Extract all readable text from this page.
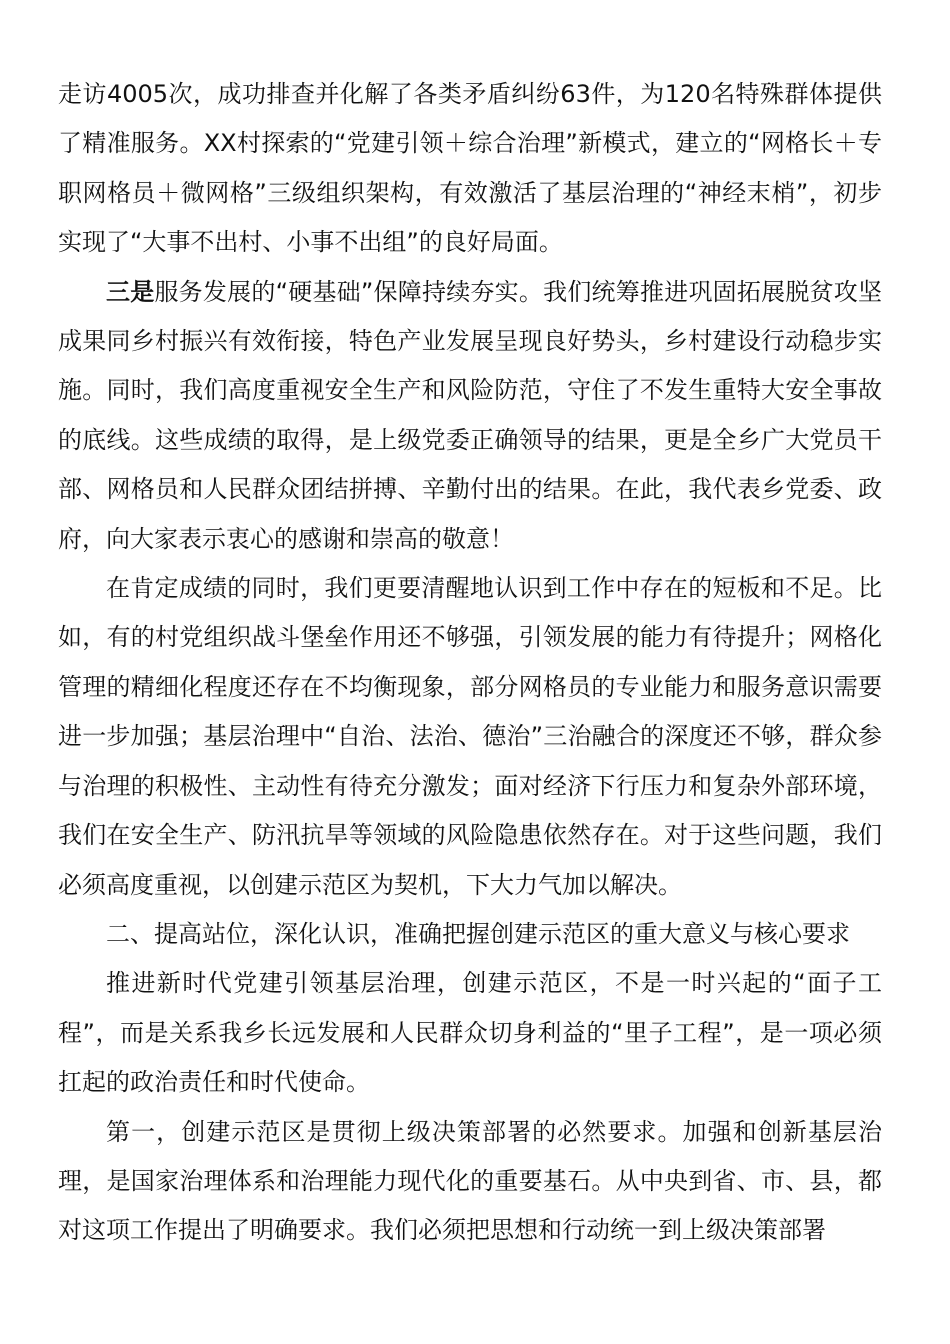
走访4005次，成功排查并化解了各类矛盾纠纷63件，为120名特殊群体提供了精准服务。XX村探索的“党建引领＋综合治理”新模式，建立的“网格长＋专职网格员＋微网格”三级组织架构，有效激活了基层治理的“神经末梢”，初步实现了“大事不出村、小事不出组”的良好局面。

三是服务发展的“硬基础”保障持续夯实。我们统筹推进巩固拓展脱贫攻坚成果同乡村振兴有效衔接，特色产业发展呈现良好势头，乡村建设行动稳步实施。同时，我们高度重视安全生产和风险防范，守住了不发生重特大安全事故的底线。这些成绩的取得，是上级党委正确领导的结果，更是全乡广大党员干部、网格员和人民群众团结拼搏、辛勤付出的结果。在此，我代表乡党委、政府，向大家表示衷心的感谢和崇高的敬意！

在肯定成绩的同时，我们更要清醒地认识到工作中存在的短板和不足。比如，有的村党组织战斗堡垒作用还不够强，引领发展的能力有待提升；网格化管理的精细化程度还存在不均衡现象，部分网格员的专业能力和服务意识需要进一步加强；基层治理中“自治、法治、德治”三治融合的深度还不够，群众参与治理的积极性、主动性有待充分激发；面对经济下行压力和复杂外部环境，我们在安全生产、防汛抗旱等领域的风险隐患依然存在。对于这些问题，我们必须高度重视，以创建示范区为契机，下大力气加以解决。

二、提高站位，深化认识，准确把握创建示范区的重大意义与核心要求

推进新时代党建引领基层治理，创建示范区，不是一时兴起的“面子工程”，而是关系我乡长远发展和人民群众切身利益的“里子工程”，是一项必须扛起的政治责任和时代使命。

第一，创建示范区是贯彻上级决策部署的必然要求。加强和创新基层治理，是国家治理体系和治理能力现代化的重要基石。从中央到省、市、县，都对这项工作提出了明确要求。我们必须把思想和行动统一到上级决策部署
